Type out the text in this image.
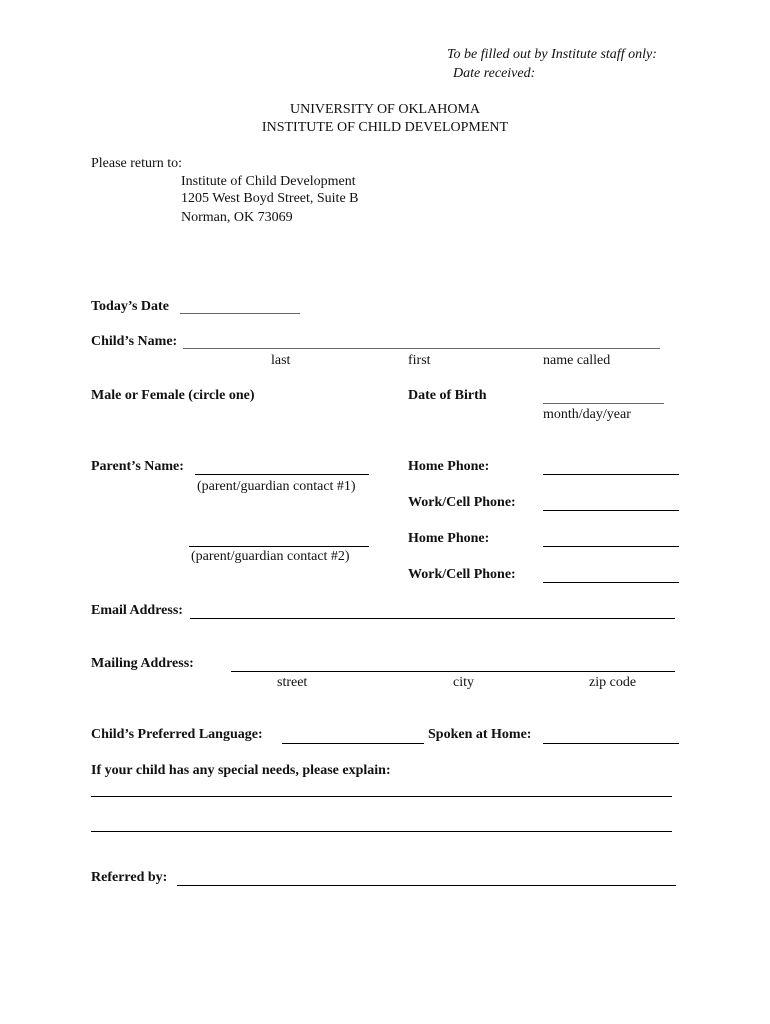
To be filled out by Institute staff only:
Date received:
UNIVERSITY OF OKLAHOMA
INSTITUTE OF CHILD DEVELOPMENT
Please return to:
Institute of Child Development
1205 West Boyd Street, Suite B
Norman, OK 73069
Today’s Date
Child’s Name:
last	first	name called
Male or Female (circle one)	Date of Birth
month/day/year
Parent’s Name:
(parent/guardian contact #1)
Home Phone:
Work/Cell Phone:
(parent/guardian contact #2)
Home Phone:
Work/Cell Phone:
Email Address:
Mailing Address:
street	city	zip code
Child’s Preferred Language:	Spoken at Home:
If your child has any special needs, please explain:
Referred by:
